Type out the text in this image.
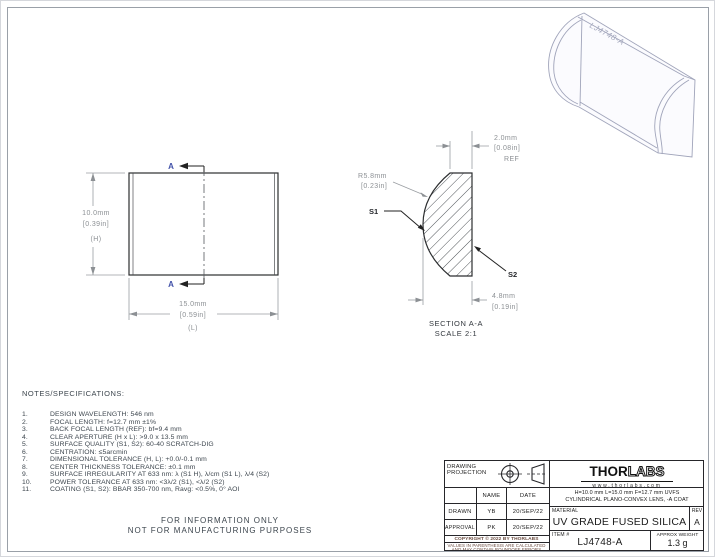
A
A
10.0mm
[0.39in]
(H)
15.0mm
[0.59in]
(L)
2.0mm
[0.08in]
REF
4.8mm
[0.19in]
R5.8mm
[0.23in]
S1
S2
SECTION A-A
SCALE 2:1
LJ4748-A
NOTES/SPECIFICATIONS:
1.	DESIGN WAVELENGTH: 546 nm
2.	FOCAL LENGTH: f=12.7 mm ±1%
3.	BACK FOCAL LENGTH (REF): bf=9.4 mm
4.	CLEAR APERTURE (H x L): >9.0 x 13.5 mm
5.	SURFACE QUALITY (S1, S2): 60-40 SCRATCH-DIG
6.	CENTRATION: ≤5arcmin
7.	DIMENSIONAL TOLERANCE (H, L): +0.0/-0.1 mm
8.	CENTER THICKNESS TOLERANCE: ±0.1 mm
9.	SURFACE IRREGULARITY AT 633 nm: λ (S1 H), λ/cm (S1 L), λ/4 (S2)
10.	POWER TOLERANCE AT 633 nm: <3λ/2 (S1), <λ/2 (S2)
11.	COATING (S1, S2): BBAR 350-700 nm, Ravg: <0.5%, 0° AOI
FOR INFORMATION ONLY
NOT FOR MANUFACTURING PURPOSES
DRAWING PROJECTION
NAME	DATE
DRAWN	YB	20/SEP/22
APPROVAL	PK	20/SEP/22
COPYRIGHT © 2022 BY THORLABS
VALUES IN PARENTHESIS ARE CALCULATED
AND MAY CONTAIN ROUNDOFF ERRORS
THORLABS
www.thorlabs.com
H=10.0 mm L=15.0 mm F=12.7 mm UVFS
CYLINDRICAL PLANO-CONVEX LENS, -A COAT
MATERIAL
UV GRADE FUSED SILICA
REV
A
ITEM #
LJ4748-A
APPROX WEIGHT
1.3 g
